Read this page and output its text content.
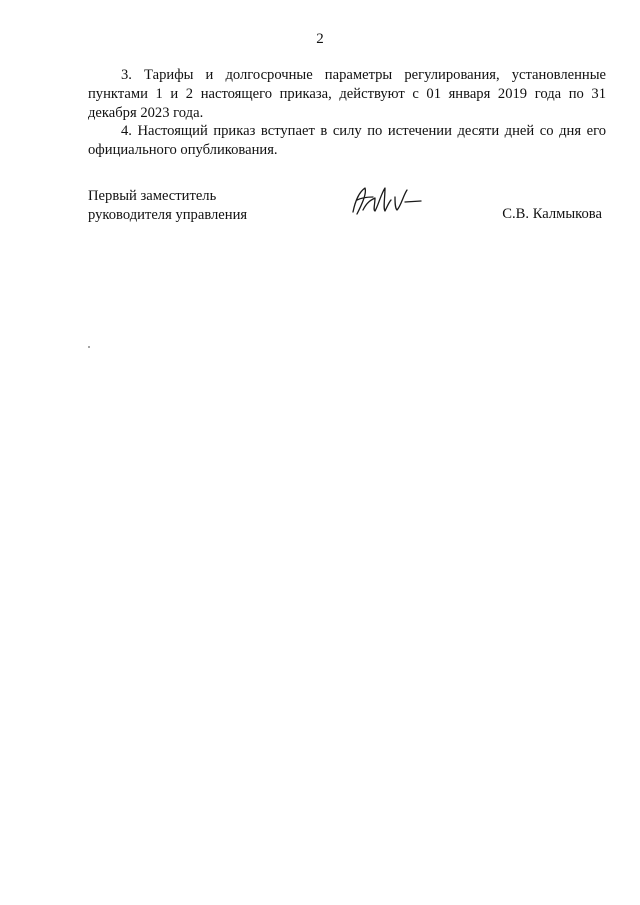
2

3. Тарифы и долгосрочные параметры регулирования, установленные пунктами 1 и 2 настоящего приказа, действуют с 01 января 2019 года по 31 декабря 2023 года.

4. Настоящий приказ вступает в силу по истечении десяти дней со дня его официального опубликования.

Первый заместитель
руководителя управления	С.В. Калмыкова
